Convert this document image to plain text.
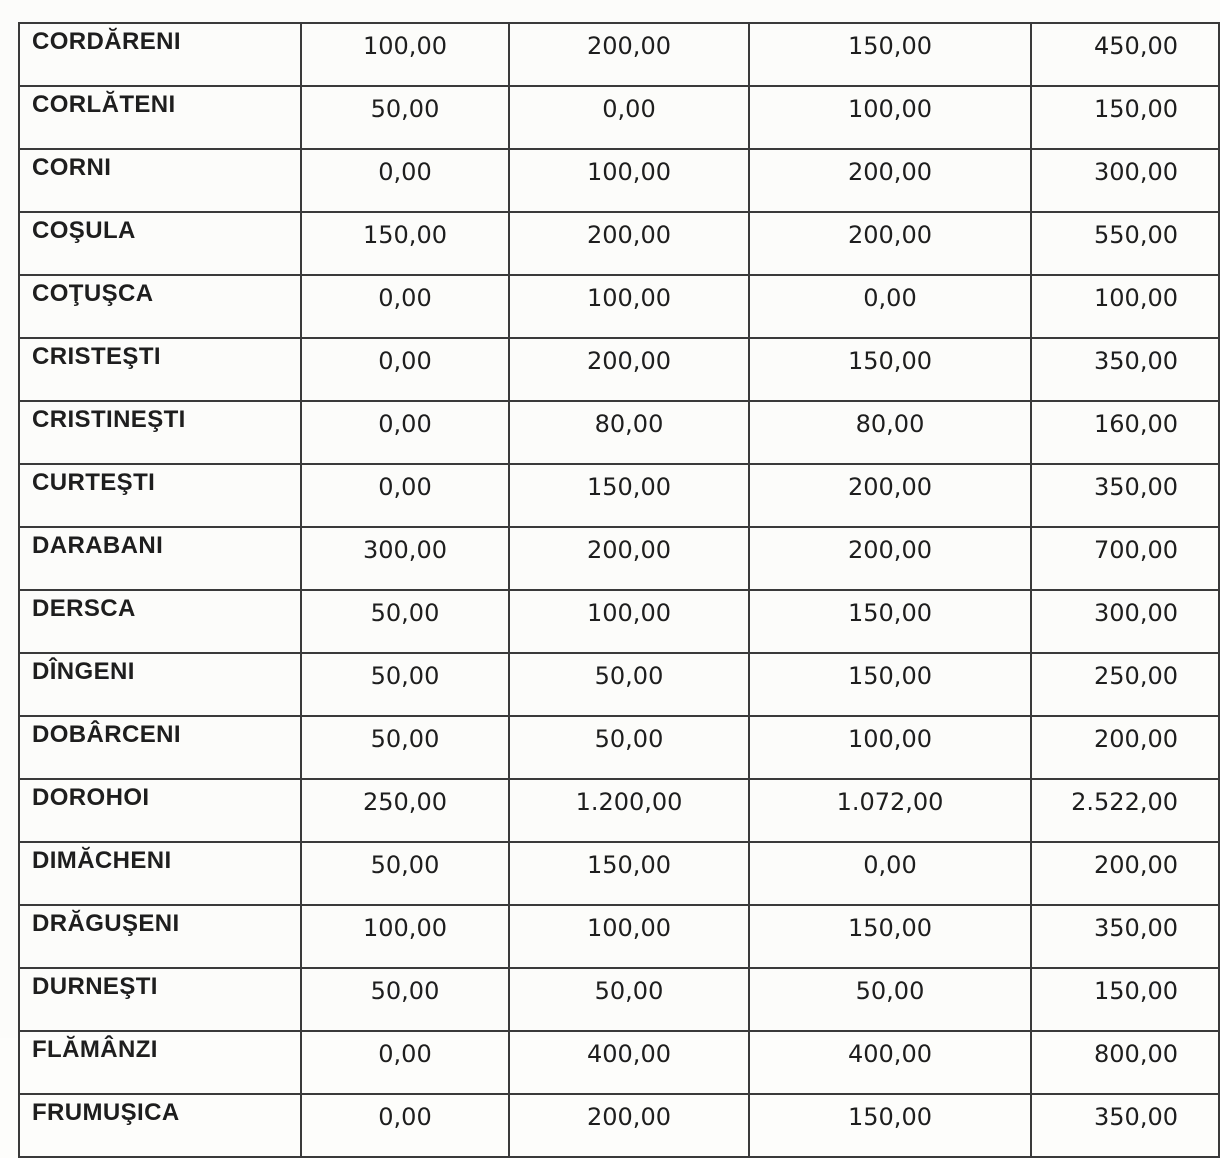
CORDĂRENI	100,00	200,00	150,00	450,00
CORLĂTENI	50,00	0,00	100,00	150,00
CORNI	0,00	100,00	200,00	300,00
COŞULA	150,00	200,00	200,00	550,00
COŢUŞCA	0,00	100,00	0,00	100,00
CRISTEŞTI	0,00	200,00	150,00	350,00
CRISTINEŞTI	0,00	80,00	80,00	160,00
CURTEŞTI	0,00	150,00	200,00	350,00
DARABANI	300,00	200,00	200,00	700,00
DERSCA	50,00	100,00	150,00	300,00
DÎNGENI	50,00	50,00	150,00	250,00
DOBÂRCENI	50,00	50,00	100,00	200,00
DOROHOI	250,00	1.200,00	1.072,00	2.522,00
DIMĂCHENI	50,00	150,00	0,00	200,00
DRĂGUŞENI	100,00	100,00	150,00	350,00
DURNEŞTI	50,00	50,00	50,00	150,00
FLĂMÂNZI	0,00	400,00	400,00	800,00
FRUMUŞICA	0,00	200,00	150,00	350,00
